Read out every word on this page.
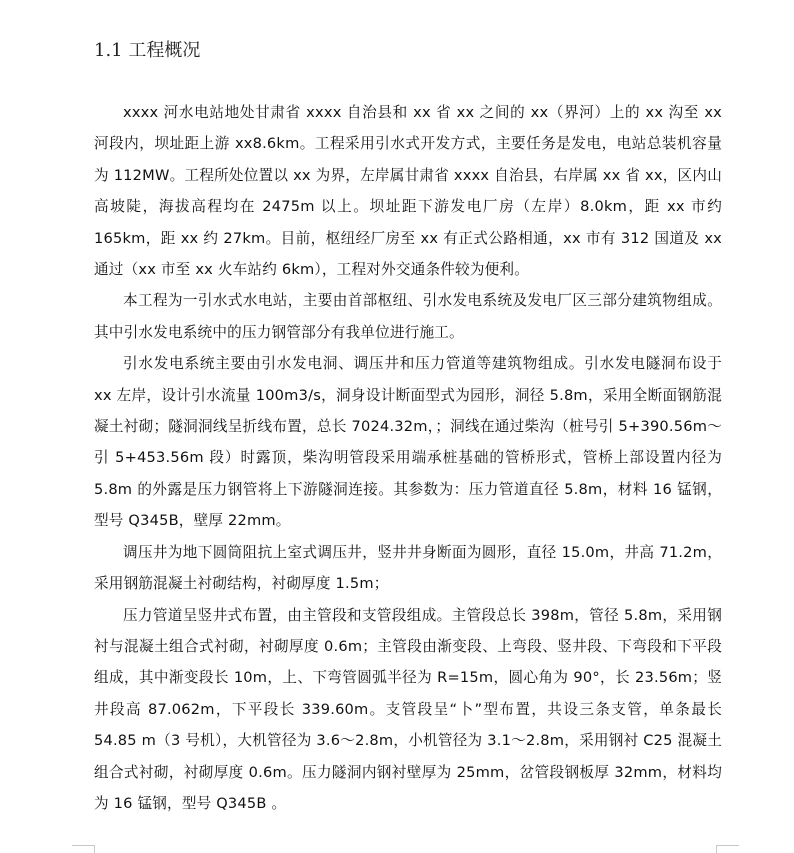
1.1 工程概况

xxxx 河水电站地处甘肃省 xxxx 自治县和 xx 省 xx 之间的 xx（界河）上的 xx 沟至 xx 河段内，坝址距上游 xx8.6km。工程采用引水式开发方式，主要任务是发电，电站总装机容量为 112MW。工程所处位置以 xx 为界，左岸属甘肃省 xxxx 自治县，右岸属 xx 省 xx，区内山高坡陡，海拔高程均在 2475m 以上。坝址距下游发电厂房（左岸）8.0km，距 xx 市约 165km，距 xx 约 27km。目前，枢纽经厂房至 xx 有正式公路相通，xx 市有 312 国道及 xx 通过（xx 市至 xx 火车站约 6km），工程对外交通条件较为便利。

本工程为一引水式水电站，主要由首部枢纽、引水发电系统及发电厂区三部分建筑物组成。其中引水发电系统中的压力钢管部分有我单位进行施工。

引水发电系统主要由引水发电洞、调压井和压力管道等建筑物组成。引水发电隧洞布设于 xx 左岸，设计引水流量 100m3/s，洞身设计断面型式为园形，洞径 5.8m，采用全断面钢筋混凝土衬砌；隧洞洞线呈折线布置，总长 7024.32m，；洞线在通过柴沟（桩号引 5+390.56m～引 5+453.56m 段）时露顶，柴沟明管段采用端承桩基础的管桥形式，管桥上部设置内径为 5.8m 的外露是压力钢管将上下游隧洞连接。其参数为：压力管道直径 5.8m，材料 16 锰钢，型号 Q345B，壁厚 22mm。

调压井为地下圆筒阻抗上室式调压井，竖井井身断面为圆形，直径 15.0m，井高 71.2m，采用钢筋混凝土衬砌结构，衬砌厚度 1.5m；

压力管道呈竖井式布置，由主管段和支管段组成。主管段总长 398m，管径 5.8m，采用钢衬与混凝土组合式衬砌，衬砌厚度 0.6m；主管段由渐变段、上弯段、竖井段、下弯段和下平段组成，其中渐变段长 10m，上、下弯管圆弧半径为 R=15m，圆心角为 90°，长 23.56m；竖井段高 87.062m，下平段长 339.60m。支管段呈“卜”型布置，共设三条支管，单条最长 54.85 m（3 号机），大机管径为 3.6～2.8m，小机管径为 3.1～2.8m，采用钢衬 C25 混凝土组合式衬砌，衬砌厚度 0.6m。压力隧洞内钢衬壁厚为 25mm，岔管段钢板厚 32mm，材料均为 16 锰钢，型号 Q345B 。
